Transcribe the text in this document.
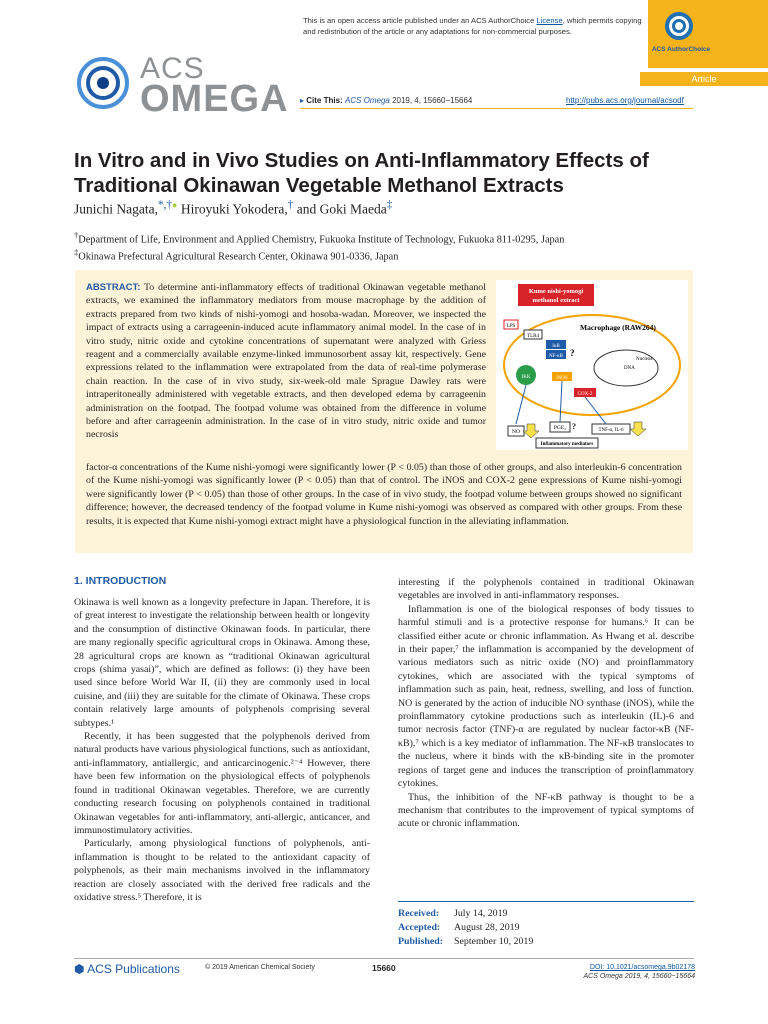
This is an open access article published under an ACS AuthorChoice License, which permits copying and redistribution of the article or any adaptations for non-commercial purposes.
ACS AuthorChoice
Article
ACS
OMEGA ▸ Cite This: ACS Omega 2019, 4, 15660−15664	http://pubs.acs.org/journal/acsodf
In Vitro and in Vivo Studies on Anti-Inflammatory Effects of Traditional Okinawan Vegetable Methanol Extracts
Junichi Nagata,*,†● Hiroyuki Yokodera,† and Goki Maeda‡
†Department of Life, Environment and Applied Chemistry, Fukuoka Institute of Technology, Fukuoka 811-0295, Japan
‡Okinawa Prefectural Agricultural Research Center, Okinawa 901-0336, Japan
ABSTRACT: To determine anti-inflammatory effects of traditional Okinawan vegetable methanol extracts, we examined the inflammatory mediators from mouse macrophage by the addition of extracts prepared from two kinds of nishi-yomogi and hosoba-wadan. Moreover, we inspected the impact of extracts using a carrageenin-induced acute inflammatory animal model. In the case of in vitro study, nitric oxide and cytokine concentrations of supernatant were analyzed with Griess reagent and a commercially available enzyme-linked immunosorbent assay kit, respectively. Gene expressions related to the inflammation were extrapolated from the data of real-time polymerase chain reaction. In the case of in vivo study, six-week-old male Sprague Dawley rats were intraperitoneally administered with vegetable extracts, and then developed edema by carrageenin administration on the footpad. The footpad volume was obtained from the difference in volume before and after carrageenin administration. In the case of in vitro study, nitric oxide and tumor necrosis
factor-α concentrations of the Kume nishi-yomogi were significantly lower (P < 0.05) than those of other groups, and also interleukin-6 concentration of the Kume nishi-yomogi was significantly lower (P < 0.05) than that of control. The iNOS and COX-2 gene expressions of Kume nishi-yomogi were significantly lower (P < 0.05) than those of other groups. In the case of in vivo study, the footpad volume between groups showed no significant difference; however, the decreased tendency of the footpad volume in Kume nishi-yomogi was observed as compared with other groups. From these results, it is expected that Kume nishi-yomogi extract might have a physiological function in the alleviating inflammation.
Kume nishi-yomogi
methanol extract
Macrophage (RAW264)
LPS
TLR4
IκB
NF-κB ?
IKK
Nucleus
DNA
iNOS
COX-2
NO
PGE₂ ?	TNF-α, IL-6
Inflammatory mediators
1. INTRODUCTION

Okinawa is well known as a longevity prefecture in Japan. Therefore, it is of great interest to investigate the relationship between health or longevity and the consumption of distinctive Okinawan foods. In particular, there are many regionally specific agricultural crops in Okinawa. Among these, 28 agricultural crops are known as “traditional Okinawan agricultural crops (shima yasai)”, which are defined as follows: (i) they have been used since before World War II, (ii) they are commonly used in local cuisine, and (iii) they are suitable for the climate of Okinawa. These crops contain relatively large amounts of polyphenols comprising several subtypes.¹

Recently, it has been suggested that the polyphenols derived from natural products have various physiological functions, such as antioxidant, anti-inflammatory, antiallergic, and anticarcinogenic.²⁻⁴ However, there have been few information on the physiological effects of polyphenols found in traditional Okinawan vegetables. Therefore, we are currently conducting research focusing on polyphenols contained in traditional Okinawan vegetables for anti-inflammatory, anti-allergic, anticancer, and immunostimulatory activities.

Particularly, among physiological functions of polyphenols, anti-inflammation is thought to be related to the antioxidant capacity of polyphenols, as their main mechanisms involved in the inflammatory reaction are closely associated with the derived free radicals and the oxidative stress.⁵ Therefore, it is

interesting if the polyphenols contained in traditional Okinawan vegetables are involved in anti-inflammatory responses.

Inflammation is one of the biological responses of body tissues to harmful stimuli and is a protective response for humans.⁶ It can be classified either acute or chronic inflammation. As Hwang et al. describe in their paper,⁷ the inflammation is accompanied by the development of various mediators such as nitric oxide (NO) and proinflammatory cytokines, which are associated with the typical symptoms of inflammation such as pain, heat, redness, swelling, and loss of function. NO is generated by the action of inducible NO synthase (iNOS), while the proinflammatory cytokine productions such as interleukin (IL)-6 and tumor necrosis factor (TNF)-α are regulated by nuclear factor-κB (NF-κB),⁷ which is a key mediator of inflammation. The NF-κB translocates to the nucleus, where it binds with the κB-binding site in the promoter regions of target gene and induces the transcription of proinflammatory cytokines.

Thus, the inhibition of the NF-κB pathway is thought to be a mechanism that contributes to the improvement of typical symptoms of acute or chronic inflammation.

Received: July 14, 2019
Accepted: August 28, 2019
Published: September 10, 2019
⬢ ACS Publications	© 2019 American Chemical Society	15660	DOI: 10.1021/acsomega.9b02178
ACS Omega 2019, 4, 15660−15664
